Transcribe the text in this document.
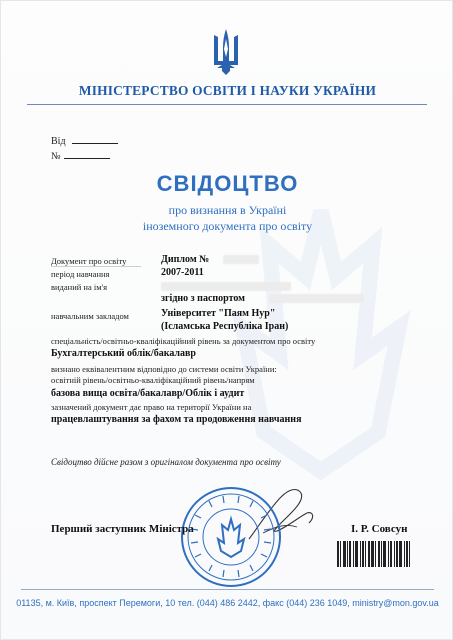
МІНІСТЕРСТВО ОСВІТИ І НАУКИ УКРАЇНИ
Від
№
СВІДОЦТВО
про визнання в Україні
іноземного документа про освіту
Документ про освіту	Диплом №
період навчання	2007-2011
виданий на ім'я
згідно з паспортом
навчальним закладом	Університет "Паям Нур"
(Ісламська Республіка Іран)
спеціальність/освітньо-кваліфікаційний рівень за документом про освіту
Бухгалтерський облік/бакалавр
визнано еквівалентним відповідно до системи освіти України:
освітній рівень/освітньо-кваліфікаційний рівень/напрям
базова вища освіта/бакалавр/Облік і аудит
зазначений документ дає право на території України на
працевлаштування за фахом та продовження навчання
Свідоцтво дійсне разом з оригіналом документа про освіту
Перший заступник Міністра	І. Р. Совсун
01135, м. Київ, проспект Перемоги, 10 тел. (044) 486 2442, факс (044) 236 1049, ministry@mon.gov.ua
